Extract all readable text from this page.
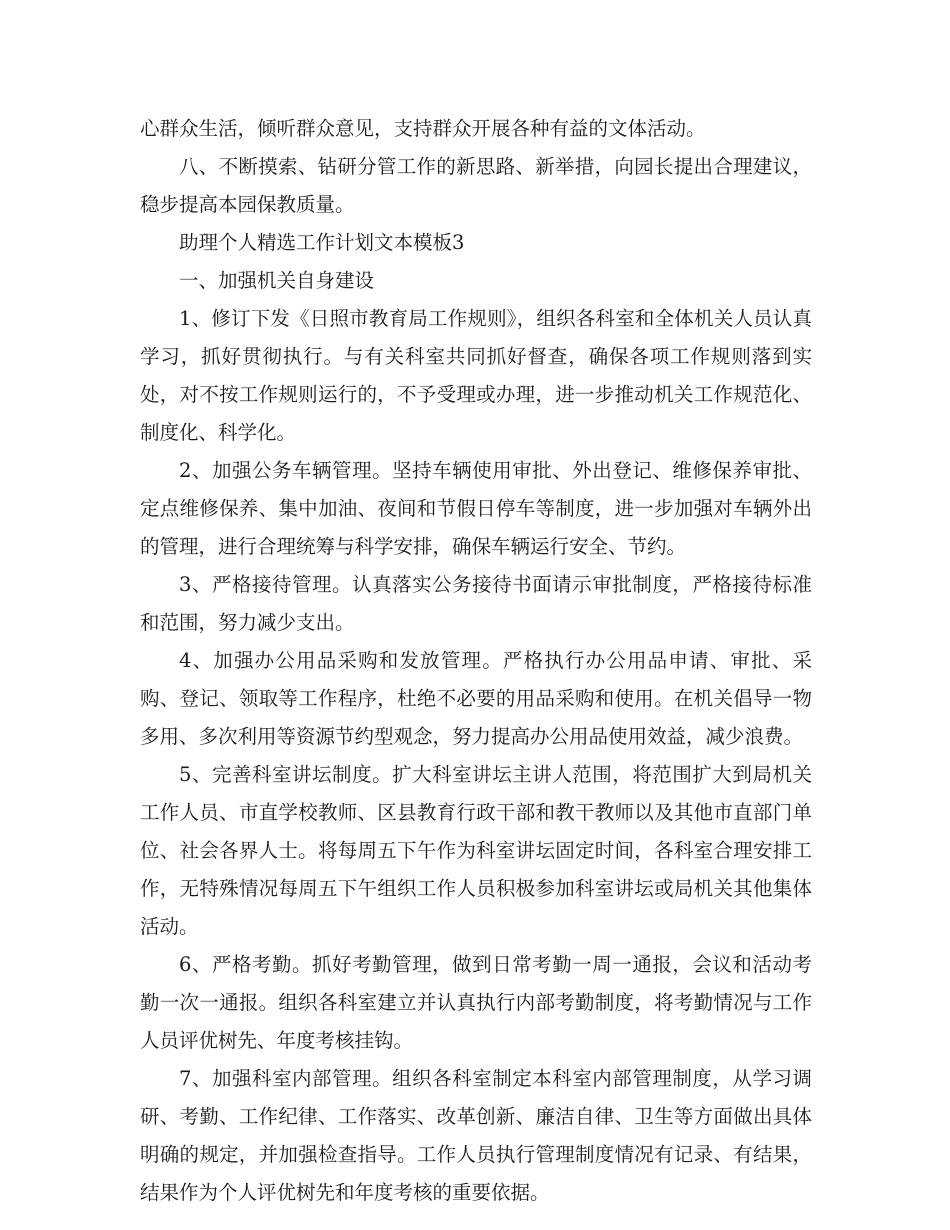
心群众生活，倾听群众意见，支持群众开展各种有益的文体活动。

八、不断摸索、钻研分管工作的新思路、新举措，向园长提出合理建议，稳步提高本园保教质量。

助理个人精选工作计划文本模板3

一、加强机关自身建设

1、修订下发《日照市教育局工作规则》，组织各科室和全体机关人员认真学习，抓好贯彻执行。与有关科室共同抓好督查，确保各项工作规则落到实处，对不按工作规则运行的，不予受理或办理，进一步推动机关工作规范化、制度化、科学化。

2、加强公务车辆管理。坚持车辆使用审批、外出登记、维修保养审批、定点维修保养、集中加油、夜间和节假日停车等制度，进一步加强对车辆外出的管理，进行合理统筹与科学安排，确保车辆运行安全、节约。

3、严格接待管理。认真落实公务接待书面请示审批制度，严格接待标准和范围，努力减少支出。

4、加强办公用品采购和发放管理。严格执行办公用品申请、审批、采购、登记、领取等工作程序，杜绝不必要的用品采购和使用。在机关倡导一物多用、多次利用等资源节约型观念，努力提高办公用品使用效益，减少浪费。

5、完善科室讲坛制度。扩大科室讲坛主讲人范围，将范围扩大到局机关工作人员、市直学校教师、区县教育行政干部和教干教师以及其他市直部门单位、社会各界人士。将每周五下午作为科室讲坛固定时间，各科室合理安排工作，无特殊情况每周五下午组织工作人员积极参加科室讲坛或局机关其他集体活动。

6、严格考勤。抓好考勤管理，做到日常考勤一周一通报，会议和活动考勤一次一通报。组织各科室建立并认真执行内部考勤制度，将考勤情况与工作人员评优树先、年度考核挂钩。

7、加强科室内部管理。组织各科室制定本科室内部管理制度，从学习调研、考勤、工作纪律、工作落实、改革创新、廉洁自律、卫生等方面做出具体明确的规定，并加强检查指导。工作人员执行管理制度情况有记录、有结果，结果作为个人评优树先和年度考核的重要依据。
